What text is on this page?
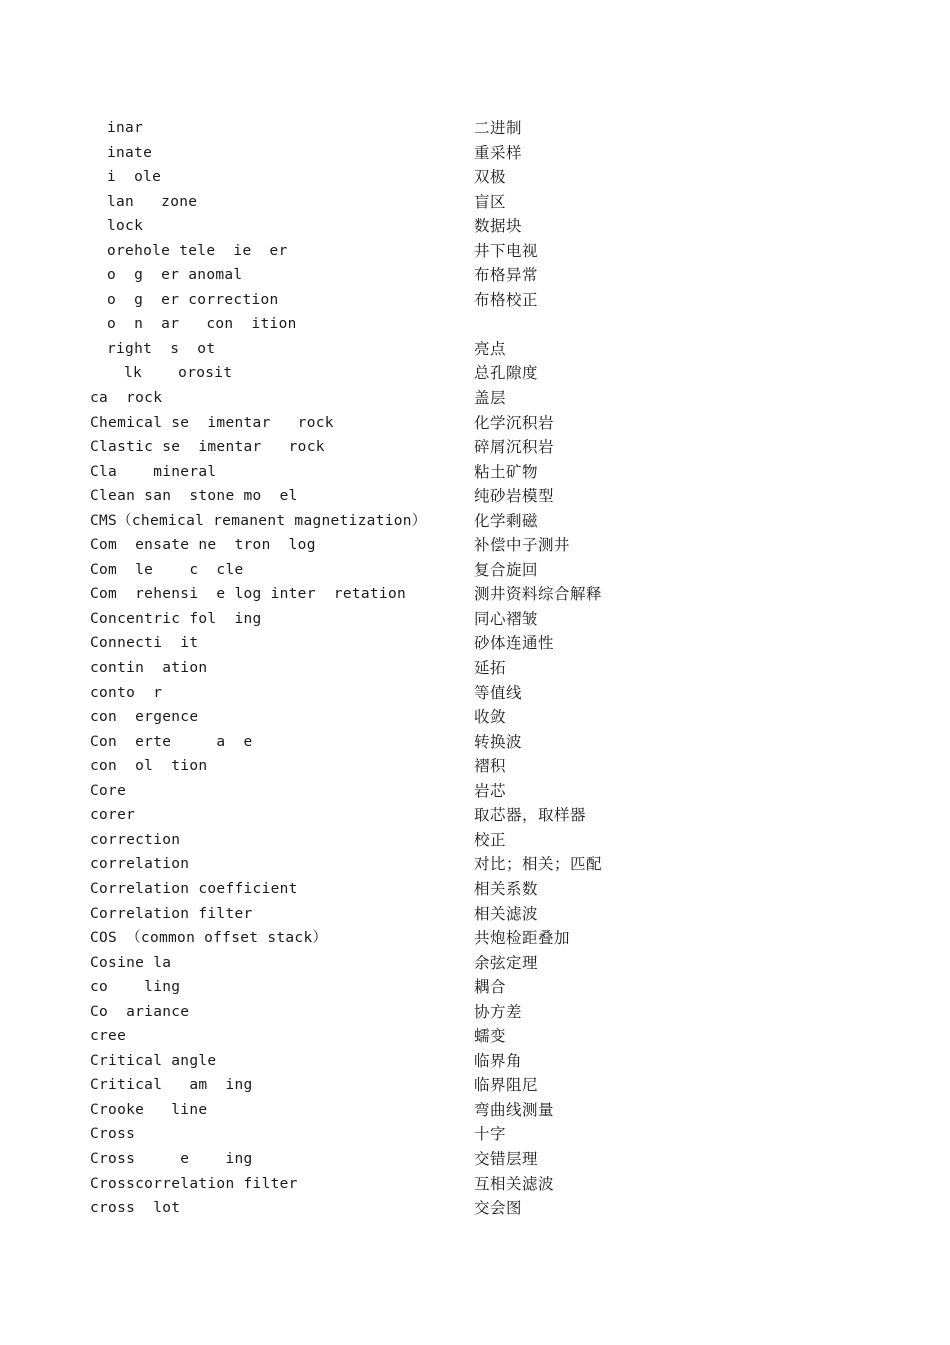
inar	二进制
inate	重采样
i  ole	双极
lan   zone	盲区
lock	数据块
orehole tele  ie  er	井下电视
o  g  er anomal	布格异常
o  g  er correction	布格校正
o  n  ar   con  ition
right  s  ot	亮点
lk    orosit	总孔隙度
ca  rock	盖层
Chemical se  imentar   rock	化学沉积岩
Clastic se  imentar   rock	碎屑沉积岩
Cla    mineral	粘土矿物
Clean san  stone mo  el	纯砂岩模型
CMS（chemical remanent magnetization）	化学剩磁
Com  ensate ne  tron  log	补偿中子测井
Com  le    c  cle	复合旋回
Com  rehensi  e log inter  retation	测井资料综合解释
Concentric fol  ing	同心褶皱
Connecti  it	砂体连通性
contin  ation	延拓
conto  r	等值线
con  ergence	收敛
Con  erte     a  e	转换波
con  ol  tion	褶积
Core	岩芯
corer	取芯器，取样器
correction	校正
correlation	对比；相关；匹配
Correlation coefficient	相关系数
Correlation filter	相关滤波
COS （common offset stack）	共炮检距叠加
Cosine la	余弦定理
co    ling	耦合
Co  ariance	协方差
cree	蠕变
Critical angle	临界角
Critical   am  ing	临界阻尼
Crooke   line	弯曲线测量
Cross	十字
Cross     e    ing	交错层理
Crosscorrelation filter	互相关滤波
cross  lot	交会图
